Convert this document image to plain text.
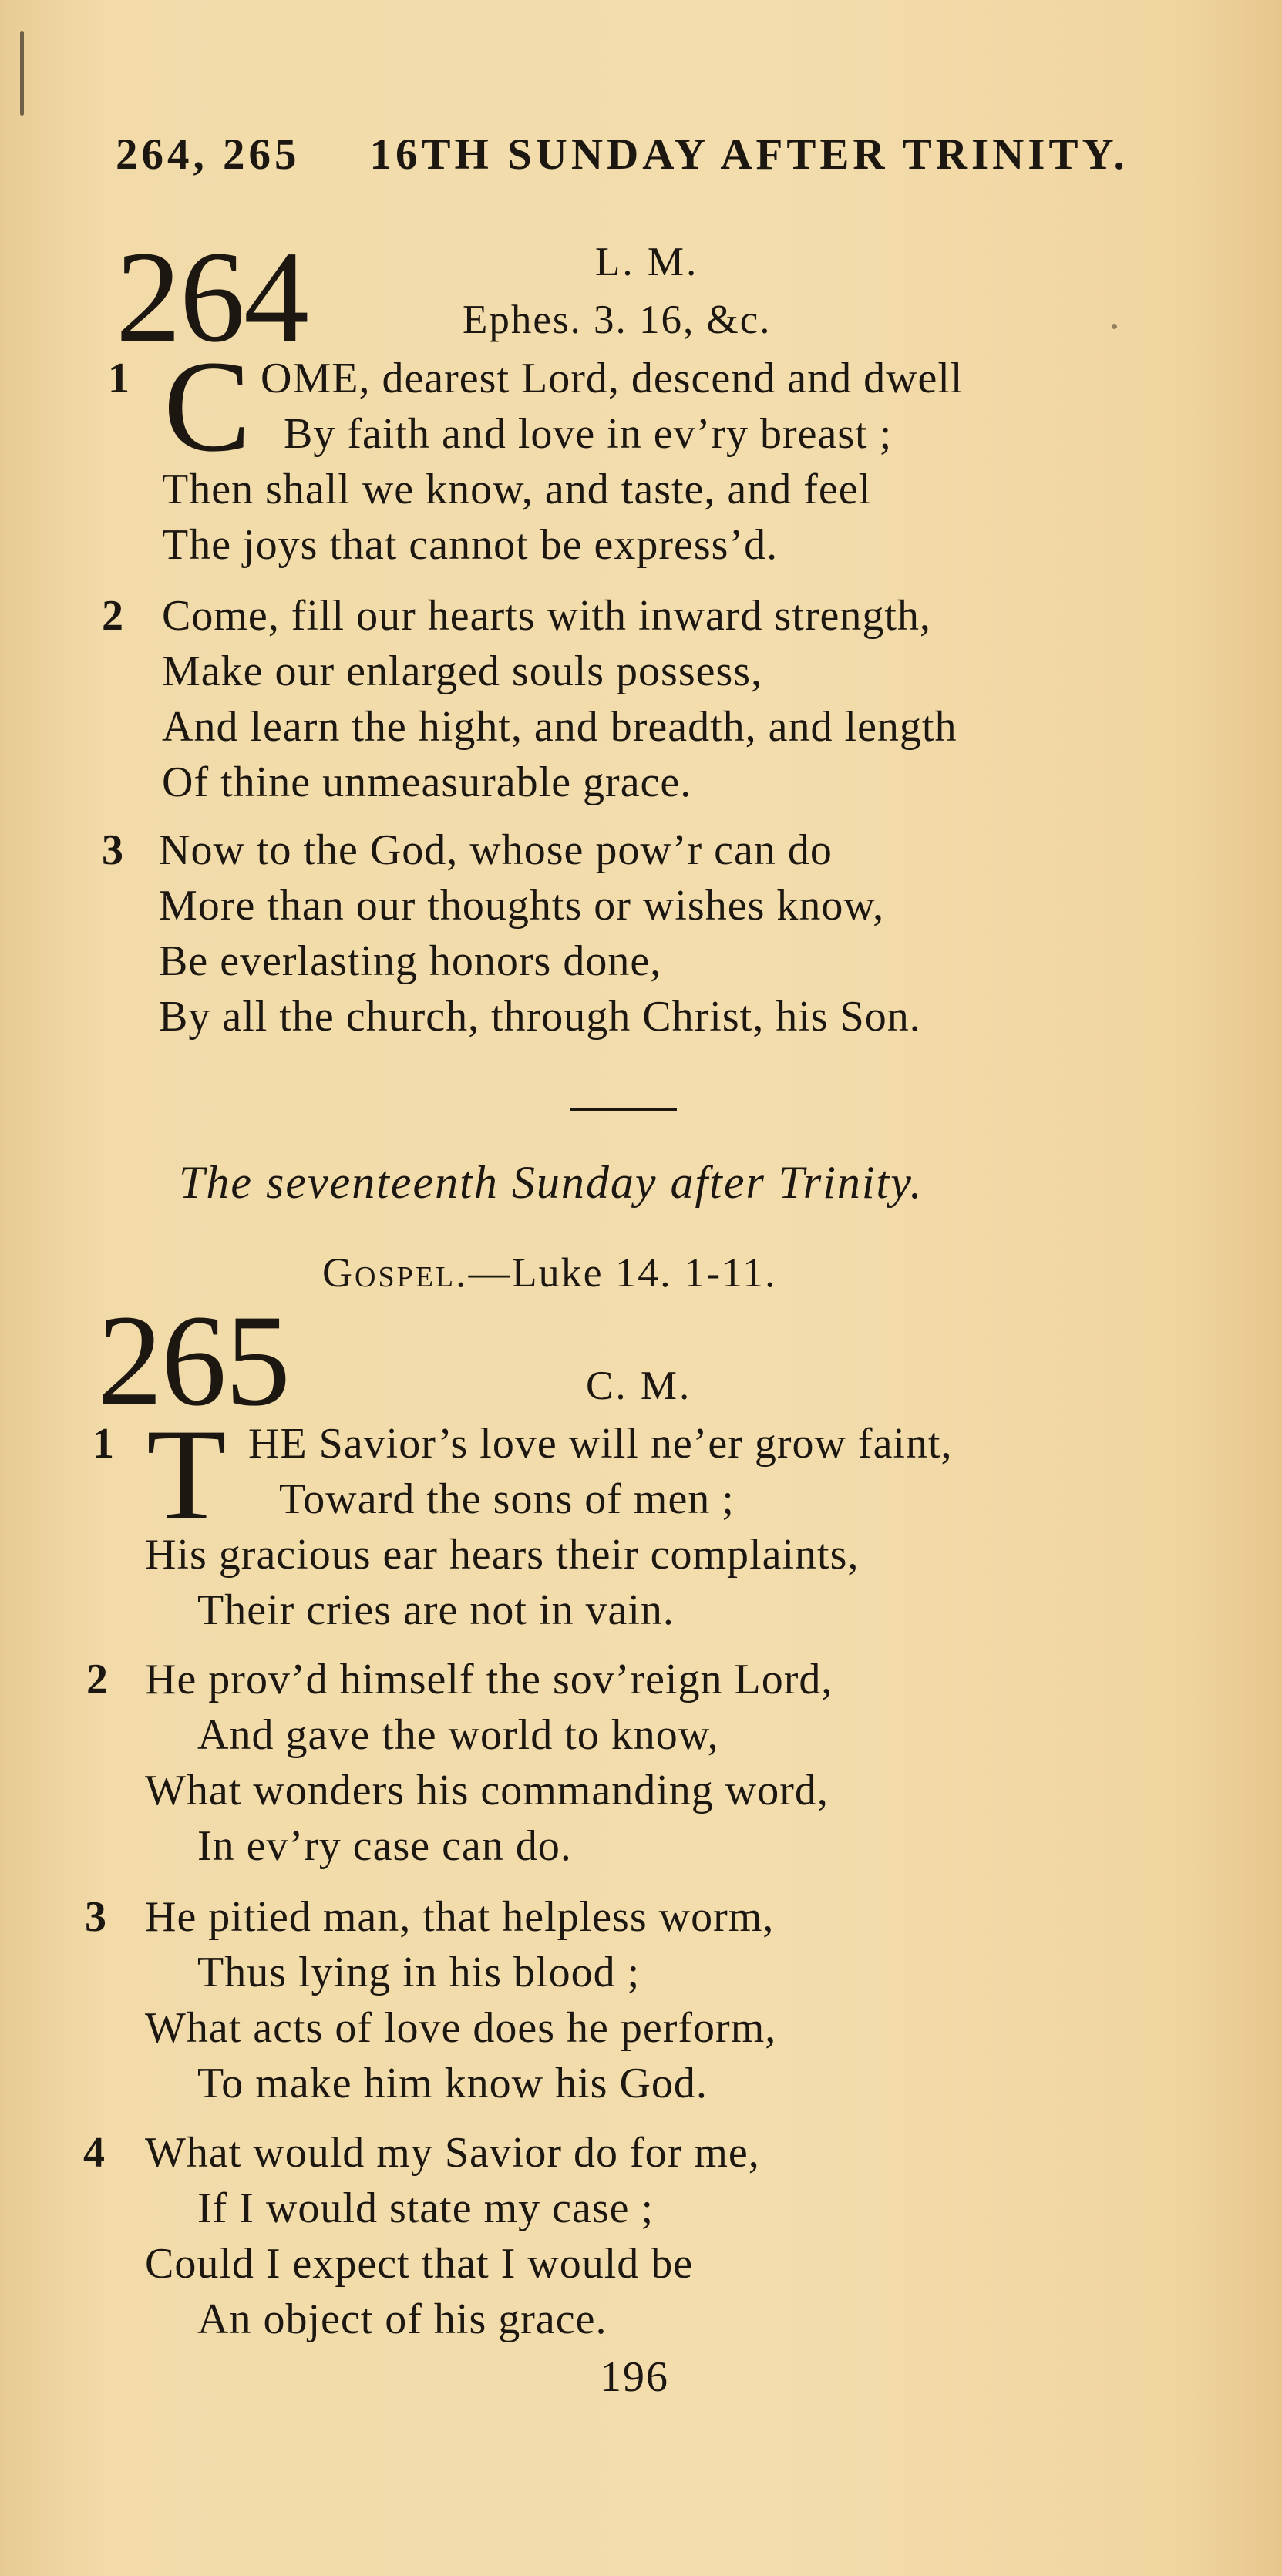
264, 265 16TH SUNDAY AFTER TRINITY.
264	L. M.
Ephes. 3. 16, &c.
1 C OME, dearest Lord, descend and dwell
By faith and love in ev’ry breast ;
Then shall we know, and taste, and feel
The joys that cannot be express’d.
2 Come, fill our hearts with inward strength,
Make our enlarged souls possess,
And learn the hight, and breadth, and length
Of thine unmeasurable grace.
3 Now to the God, whose pow’r can do
More than our thoughts or wishes know,
Be everlasting honors done,
By all the church, through Christ, his Son.
The seventeenth Sunday after Trinity.
Gospel.—Luke 14. 1-11.
265	C. M.
1 T HE Savior’s love will ne’er grow faint,
Toward the sons of men ;
His gracious ear hears their complaints,
Their cries are not in vain.
2 He prov’d himself the sov’reign Lord,
And gave the world to know,
What wonders his commanding word,
In ev’ry case can do.
3 He pitied man, that helpless worm,
Thus lying in his blood ;
What acts of love does he perform,
To make him know his God.
4 What would my Savior do for me,
If I would state my case ;
Could I expect that I would be
An object of his grace.
196
